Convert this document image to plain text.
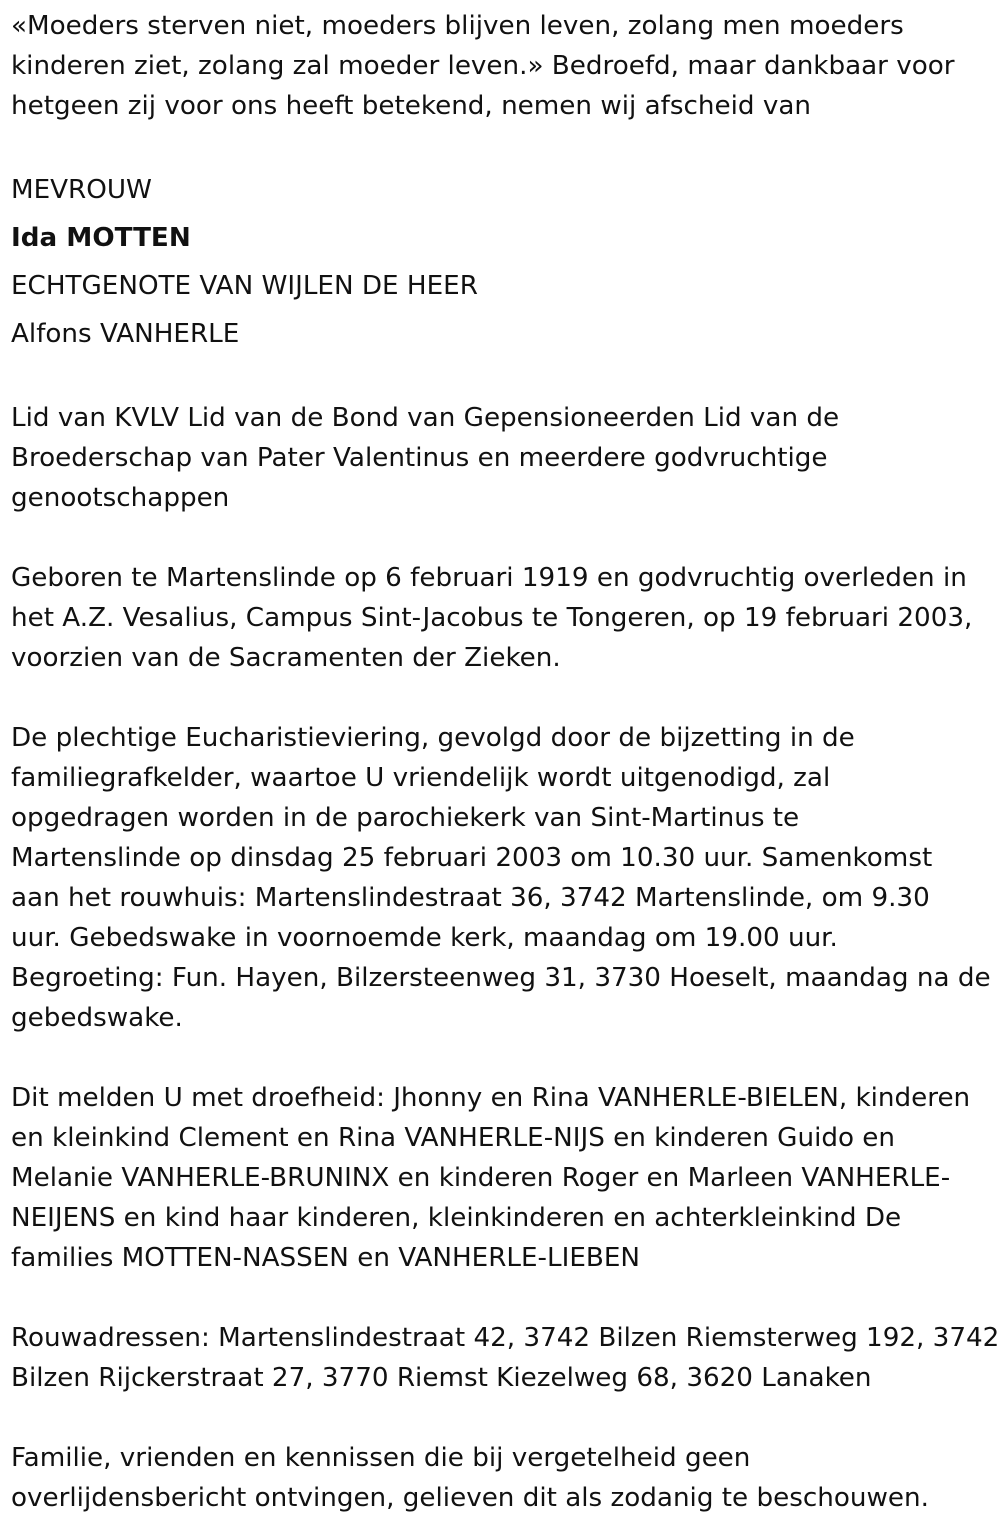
«Moeders sterven niet, moeders blijven leven, zolang men moeders
kinderen ziet, zolang zal moeder leven.» Bedroefd, maar dankbaar voor
hetgeen zij voor ons heeft betekend, nemen wij afscheid van

MEVROUW
Ida MOTTEN
ECHTGENOTE VAN WIJLEN DE HEER
Alfons VANHERLE

Lid van KVLV Lid van de Bond van Gepensioneerden Lid van de
Broederschap van Pater Valentinus en meerdere godvruchtige
genootschappen

Geboren te Martenslinde op 6 februari 1919 en godvruchtig overleden in
het A.Z. Vesalius, Campus Sint-Jacobus te Tongeren, op 19 februari 2003,
voorzien van de Sacramenten der Zieken.

De plechtige Eucharistieviering, gevolgd door de bijzetting in de
familiegrafkelder, waartoe U vriendelijk wordt uitgenodigd, zal
opgedragen worden in de parochiekerk van Sint-Martinus te
Martenslinde op dinsdag 25 februari 2003 om 10.30 uur. Samenkomst
aan het rouwhuis: Martenslindestraat 36, 3742 Martenslinde, om 9.30
uur. Gebedswake in voornoemde kerk, maandag om 19.00 uur.
Begroeting: Fun. Hayen, Bilzersteenweg 31, 3730 Hoeselt, maandag na de
gebedswake.

Dit melden U met droefheid: Jhonny en Rina VANHERLE-BIELEN, kinderen
en kleinkind Clement en Rina VANHERLE-NIJS en kinderen Guido en
Melanie VANHERLE-BRUNINX en kinderen Roger en Marleen VANHERLE-
NEIJENS en kind haar kinderen, kleinkinderen en achterkleinkind De
families MOTTEN-NASSEN en VANHERLE-LIEBEN

Rouwadressen: Martenslindestraat 42, 3742 Bilzen Riemsterweg 192, 3742
Bilzen Rijckerstraat 27, 3770 Riemst Kiezelweg 68, 3620 Lanaken

Familie, vrienden en kennissen die bij vergetelheid geen
overlijdensbericht ontvingen, gelieven dit als zodanig te beschouwen.
